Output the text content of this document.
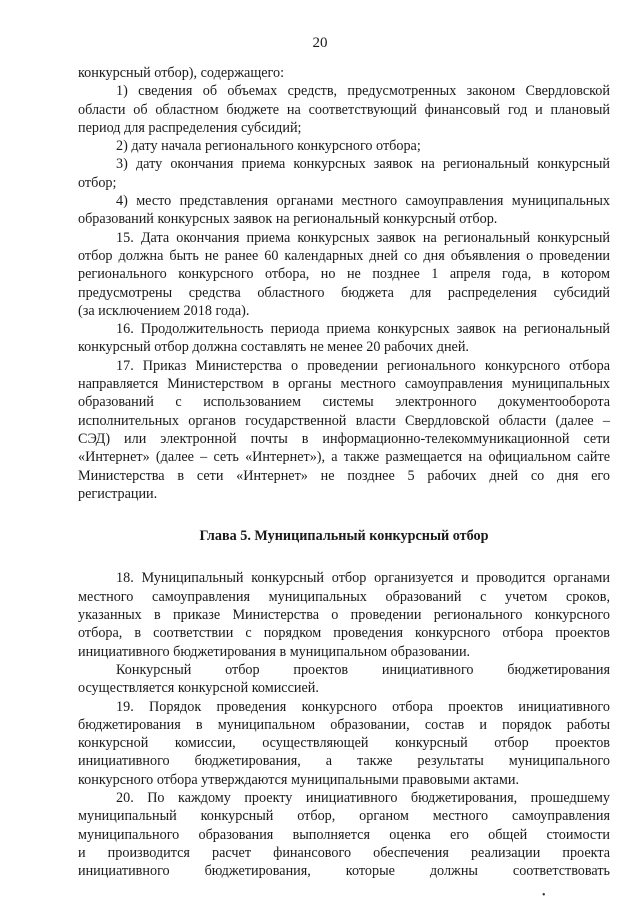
20
конкурсный отбор), содержащего:
1) сведения об объемах средств, предусмотренных законом Свердловской
области об областном бюджете на соответствующий финансовый год и плановый
период для распределения субсидий;
2) дату начала регионального конкурсного отбора;
3) дату окончания приема конкурсных заявок на региональный конкурсный
отбор;
4) место представления органами местного самоуправления муниципальных
образований конкурсных заявок на региональный конкурсный отбор.
15. Дата окончания приема конкурсных заявок на региональный конкурсный
отбор должна быть не ранее 60 календарных дней со дня объявления о проведении
регионального конкурсного отбора, но не позднее 1 апреля года, в котором
предусмотрены средства областного бюджета для распределения субсидий
(за исключением 2018 года).
16. Продолжительность периода приема конкурсных заявок на региональный
конкурсный отбор должна составлять не менее 20 рабочих дней.
17. Приказ Министерства о проведении регионального конкурсного отбора
направляется Министерством в органы местного самоуправления муниципальных
образований с использованием системы электронного документооборота
исполнительных органов государственной власти Свердловской области (далее –
СЭД) или электронной почты в информационно-телекоммуникационной сети
«Интернет» (далее – сеть «Интернет»), а также размещается на официальном сайте
Министерства в сети «Интернет» не позднее 5 рабочих дней со дня его
регистрации.
Глава 5. Муниципальный конкурсный отбор
18. Муниципальный конкурсный отбор организуется и проводится органами
местного самоуправления муниципальных образований с учетом сроков,
указанных в приказе Министерства о проведении регионального конкурсного
отбора, в соответствии с порядком проведения конкурсного отбора проектов
инициативного бюджетирования в муниципальном образовании.
Конкурсный отбор проектов инициативного бюджетирования
осуществляется конкурсной комиссией.
19. Порядок проведения конкурсного отбора проектов инициативного
бюджетирования в муниципальном образовании, состав и порядок работы
конкурсной комиссии, осуществляющей конкурсный отбор проектов
инициативного бюджетирования, а также результаты муниципального
конкурсного отбора утверждаются муниципальными правовыми актами.
20. По каждому проекту инициативного бюджетирования, прошедшему
муниципальный конкурсный отбор, органом местного самоуправления
муниципального образования выполняется оценка его общей стоимости
и производится расчет финансового обеспечения реализации проекта
инициативного бюджетирования, которые должны соответствовать
•
